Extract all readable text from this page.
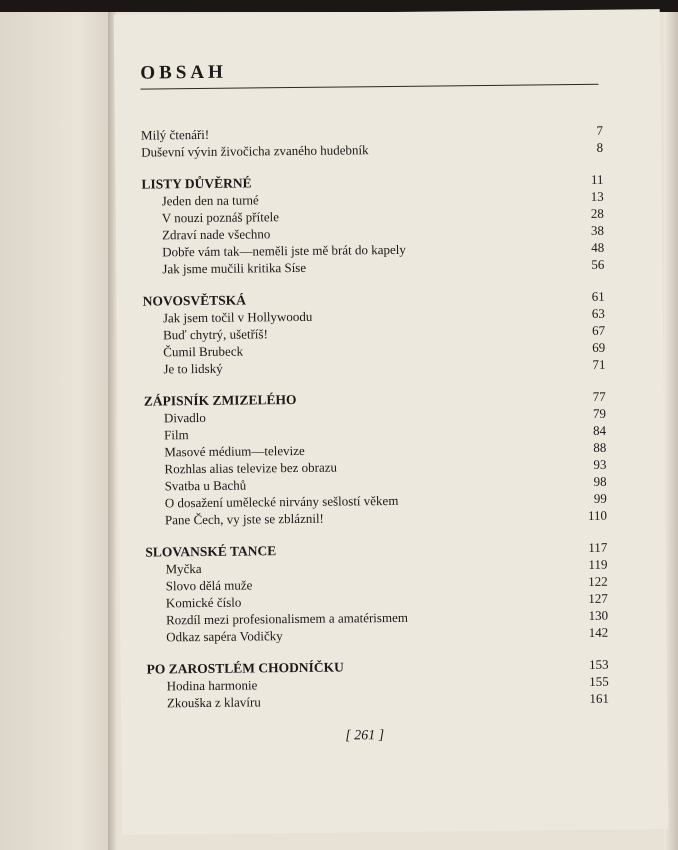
OBSAH
Milý čtenáři!	7
Duševní vývin živočicha zvaného hudebník	8
LISTY DŮVĚRNÉ	11
Jeden den na turné	13
V nouzi poznáš přítele	28
Zdraví nade všechno	38
Dobře vám tak—neměli jste mě brát do kapely	48
Jak jsme mučili kritika Síse	56
NOVOSVĚTSKÁ	61
Jak jsem točil v Hollywoodu	63
Buď chytrý, ušetříš!	67
Čumil Brubeck	69
Je to lidský	71
ZÁPISNÍK ZMIZELÉHO	77
Divadlo	79
Film	84
Masové médium—televize	88
Rozhlas alias televize bez obrazu	93
Svatba u Bachů	98
O dosažení umělecké nirvány sešlostí věkem	99
Pane Čech, vy jste se zbláznil!	110
SLOVANSKÉ TANCE	117
Myčka	119
Slovo dělá muže	122
Komické číslo	127
Rozdíl mezi profesionalismem a amatérismem	130
Odkaz sapéra Vodičky	142
PO ZAROSTLÉM CHODNÍČKU	153
Hodina harmonie	155
Zkouška z klavíru	161
[ 261 ]
